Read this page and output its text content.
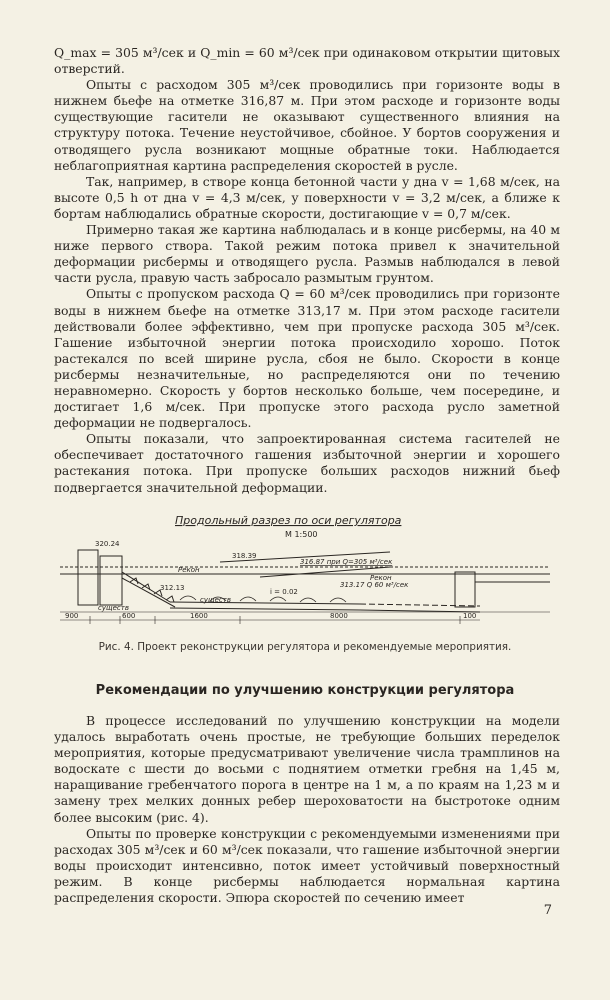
Q_max = 305 м³/сек и Q_min = 60 м³/сек при одинаковом открытии щитовых отверстий.

Опыты с расходом 305 м³/сек проводились при горизонте воды в нижнем бьефе на отметке 316,87 м. При этом расходе и горизонте воды существующие гасители не оказывают существенного влияния на структуру потока. Течение неустойчивое, сбойное. У бортов сооружения и отводящего русла возникают мощные обратные токи. Наблюдается неблагоприятная картина распределения скоростей в русле.

Так, например, в створе конца бетонной части у дна v = 1,68 м/сек, на высоте 0,5 h от дна v = 4,3 м/сек, у поверхности v = 3,2 м/сек, а ближе к бортам наблюдались обратные скорости, достигающие v = 0,7 м/сек.

Примерно такая же картина наблюдалась и в конце рисбермы, на 40 м ниже первого створа. Такой режим потока привел к значительной деформации рисбермы и отводящего русла. Размыв наблюдался в левой части русла, правую часть забросало размытым грунтом.

Опыты с пропуском расхода Q = 60 м³/сек проводились при горизонте воды в нижнем бьефе на отметке 313,17 м. При этом расходе гасители действовали более эффективно, чем при пропуске расхода 305 м³/сек. Гашение избыточной энергии потока происходило хорошо. Поток растекался по всей ширине русла, сбоя не было. Скорости в конце рисбермы незначительные, но распределяются они по течению неравномерно. Скорость у бортов несколько больше, чем посередине, и достигает 1,6 м/сек. При пропуске этого расхода русло заметной деформации не подвергалось.

Опыты показали, что запроектированная система гасителей не обеспечивает достаточного гашения избыточной энергии и хорошего растекания потока. При пропуске больших расходов нижний бьеф подвергается значительной деформации.

Продольный разрез по оси регулятора
М 1:500
320.24
318.39
316.87 при Q=305 м³/сек
Рекон
Рекон
313.17 Q 60 м³/сек
существ
существ
312.13	i = 0.02
900	600	1600	8000	100
Рис. 4. Проект реконструкции регулятора и рекомендуемые мероприятия.
Рекомендации по улучшению конструкции регулятора

В процессе исследований по улучшению конструкции на модели удалось выработать очень простые, не требующие больших переделок мероприятия, которые предусматривают увеличение числа трамплинов на водоскате с шести до восьми с поднятием отметки гребня на 1,45 м, наращивание гребенчатого порога в центре на 1 м, а по краям на 1,23 м и замену трех мелких донных ребер шероховатости на быстротоке одним более высоким (рис. 4).

Опыты по проверке конструкции с рекомендуемыми изменениями при расходах 305 м³/сек и 60 м³/сек показали, что гашение избыточной энергии воды происходит интенсивно, поток имеет устойчивый поверхностный режим. В конце рисбермы наблюдается нормальная картина распределения скорости. Эпюра скоростей по сечению имеет

7
